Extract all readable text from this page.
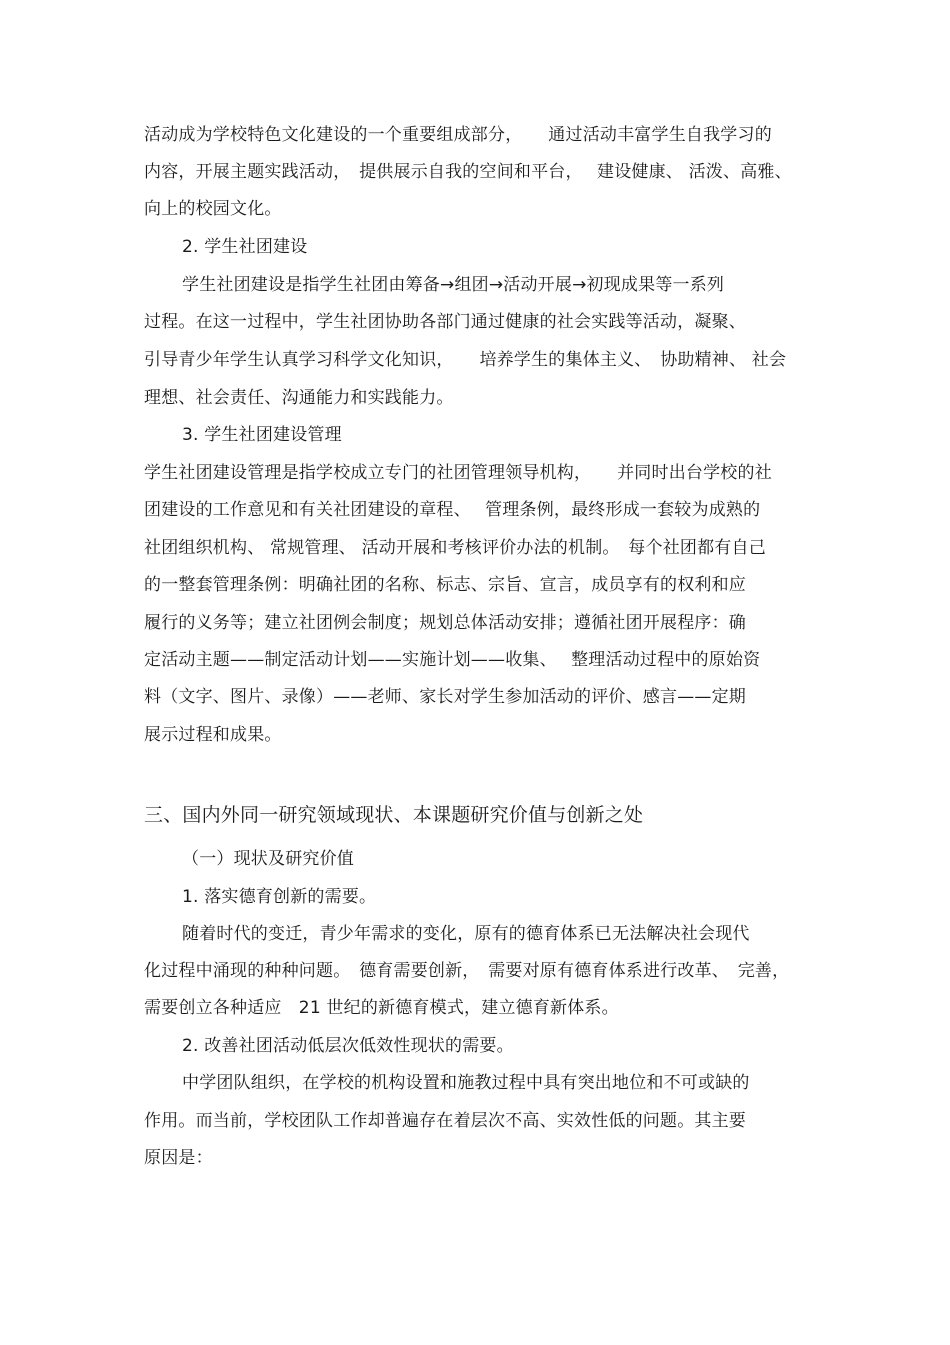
活动成为学校特色文化建设的一个重要组成部分，　　通过活动丰富学生自我学习的
内容，开展主题实践活动，　提供展示自我的空间和平台，　 建设健康、 活泼、高雅、
向上的校园文化。
2. 学生社团建设
学生社团建设是指学生社团由筹备→组团→活动开展→初现成果等一系列
过程。在这一过程中，学生社团协助各部门通过健康的社会实践等活动，凝聚、
引导青少年学生认真学习科学文化知识，　　培养学生的集体主义、　协助精神、 社会
理想、社会责任、沟通能力和实践能力。
3. 学生社团建设管理
学生社团建设管理是指学校成立专门的社团管理领导机构，　　并同时出台学校的社
团建设的工作意见和有关社团建设的章程、　 管理条例，最终形成一套较为成熟的
社团组织机构、 常规管理、 活动开展和考核评价办法的机制。　每个社团都有自己
的一整套管理条例：明确社团的名称、标志、宗旨、宣言，成员享有的权利和应
履行的义务等；建立社团例会制度；规划总体活动安排；遵循社团开展程序：确
定活动主题——制定活动计划——实施计划——收集、　 整理活动过程中的原始资
料（文字、图片、录像）——老师、家长对学生参加活动的评价、感言——定期
展示过程和成果。
三、国内外同一研究领域现状、本课题研究价值与创新之处
（一）现状及研究价值
1. 落实德育创新的需要。
随着时代的变迁，青少年需求的变化，原有的德育体系已无法解决社会现代
化过程中涌现的种种问题。　德育需要创新，　需要对原有德育体系进行改革、　完善，
需要创立各种适应　21 世纪的新德育模式，建立德育新体系。
2. 改善社团活动低层次低效性现状的需要。
中学团队组织，在学校的机构设置和施教过程中具有突出地位和不可或缺的
作用。而当前，学校团队工作却普遍存在着层次不高、实效性低的问题。其主要
原因是：
